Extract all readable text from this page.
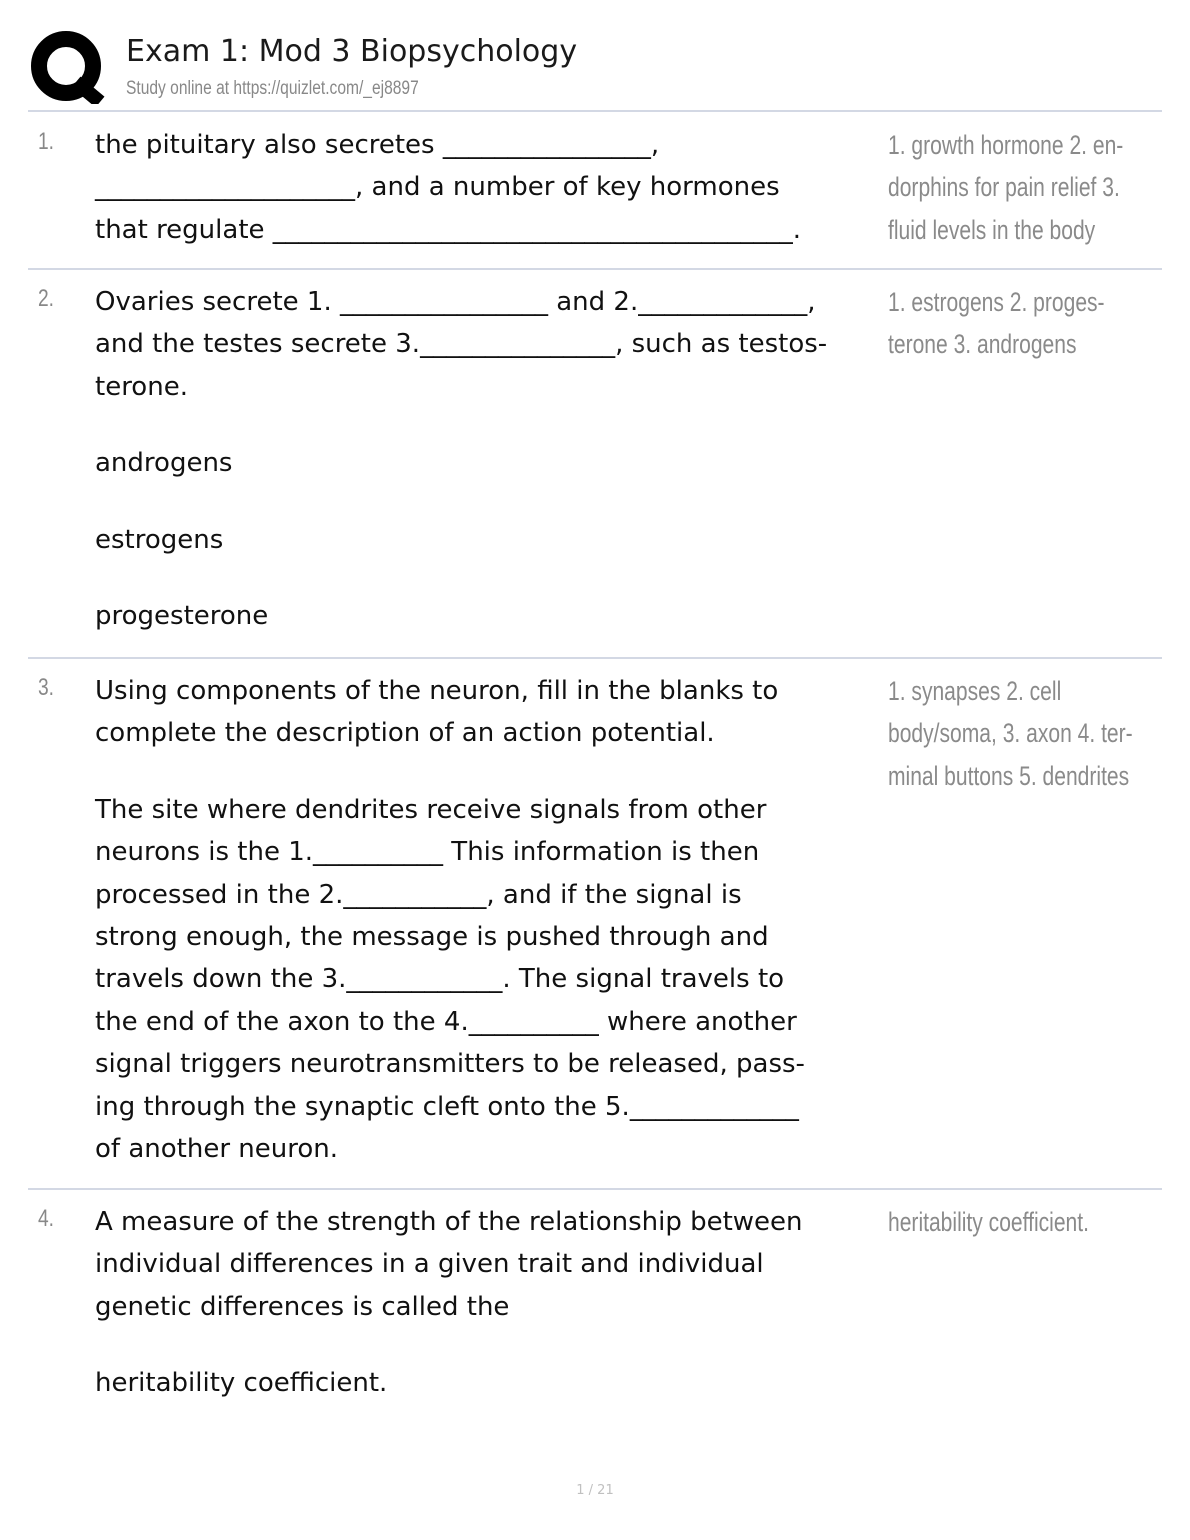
Exam 1: Mod 3 Biopsychology
Study online at https://quizlet.com/_ej8897
1. the pituitary also secretes ________________,

____________________, and a number of key hormones

that regulate ________________________________________.

1. growth hormone 2. en-
dorphins for pain relief 3.
fluid levels in the body
2. Ovaries secrete 1. ________________ and 2._____________,

and the testes secrete 3._______________, such as testos-

terone.

androgens

estrogens

progesterone

1. estrogens 2. proges-
terone 3. androgens
3. Using components of the neuron, fill in the blanks to

complete the description of an action potential.

The site where dendrites receive signals from other

neurons is the 1.__________ This information is then

processed in the 2.___________, and if the signal is

strong enough, the message is pushed through and

travels down the 3.____________. The signal travels to

the end of the axon to the 4.__________ where another

signal triggers neurotransmitters to be released, pass-

ing through the synaptic cleft onto the 5._____________

of another neuron.

1. synapses 2. cell
body/soma, 3. axon 4. ter-
minal buttons 5. dendrites
4. A measure of the strength of the relationship between

individual differences in a given trait and individual

genetic differences is called the

heritability coefficient.

heritability coefficient.
1 / 21
